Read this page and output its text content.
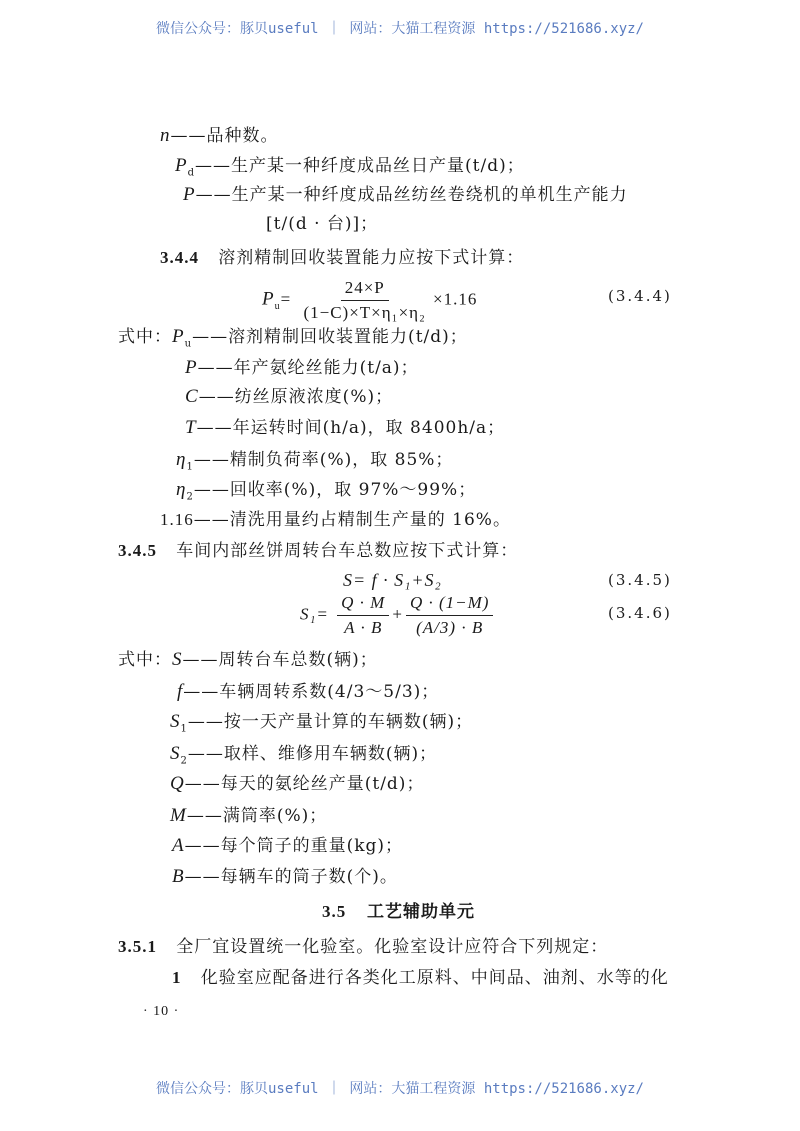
微信公众号：豚贝useful ｜ 网站：大猫工程资源 https://521686.xyz/
n——品种数。
$P_d——$生产某一种纤度成品丝日产量(t/d)；
P——生产某一种纤度成品丝纺丝卷绕机的单机生产能力
[t/(d · 台)]；
3.4.4 溶剂精制回收装置能力应按下式计算：
$P_u= \frac{24\times P}{\text{(1−C)×T×η₁×η₂}} \times 1.16$	(3.4.4)
式中：$P_u——$溶剂精制回收装置能力(t/d)；
P——年产氨纶丝能力(t/a)；
C——纺丝原液浓度(%)；
T——年运转时间(h/a)，取 8400h/a；
$\eta_1——$精制负荷率(%)，取 85%；
$\eta_2——$回收率(%)，取 97%～99%；
1.16——清洗用量约占精制生产量的 16%。
3.4.5 车间内部丝饼周转台车总数应按下式计算：
S= f · S₁+S₂	(3.4.5)
$S_1= \frac{Q \cdot M}{A \cdot B} + \frac{Q \cdot (1-M)}{(A/3) \cdot B}$	(3.4.6)
式中：S——周转台车总数(辆)；
f——车辆周转系数(4/3～5/3)；
$S_1——$按一天产量计算的车辆数(辆)；
$S_2——$取样、维修用车辆数(辆)；
Q——每天的氨纶丝产量(t/d)；
M——满筒率(%)；
A——每个筒子的重量(kg)；
B——每辆车的筒子数(个)。
3.5 工艺辅助单元
3.5.1 全厂宜设置统一化验室。化验室设计应符合下列规定：
1 化验室应配备进行各类化工原料、中间品、油剂、水等的化
· 10 ·
微信公众号：豚贝useful ｜ 网站：大猫工程资源 https://521686.xyz/
